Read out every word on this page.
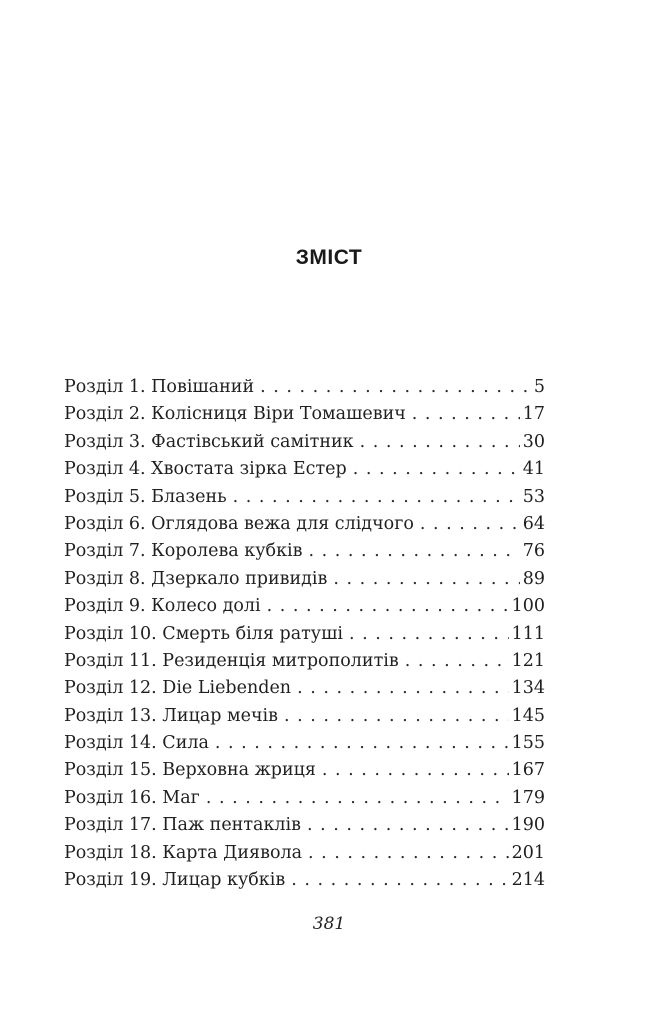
ЗМІСТ
Розділ 1. Повішаний . . .	5
Розділ 2. Колісниця Віри Томашевич . . .	17
Розділ 3. Фастівський самітник . . .	30
Розділ 4. Хвостата зірка Естер . . .	41
Розділ 5. Блазень . . .	53
Розділ 6. Оглядова вежа для слідчого . . .	64
Розділ 7. Королева кубків . . .	76
Розділ 8. Дзеркало привидів . . .	89
Розділ 9. Колесо долі . . .	100
Розділ 10. Смерть біля ратуші . . .	111
Розділ 11. Резиденція митрополитів . . .	121
Розділ 12. Die Liebenden . . .	134
Розділ 13. Лицар мечів . . .	145
Розділ 14. Сила . . .	155
Розділ 15. Верховна жриця . . .	167
Розділ 16. Маг . . .	179
Розділ 17. Паж пентаклів . . .	190
Розділ 18. Карта Диявола . . .	201
Розділ 19. Лицар кубків . . .	214
381
